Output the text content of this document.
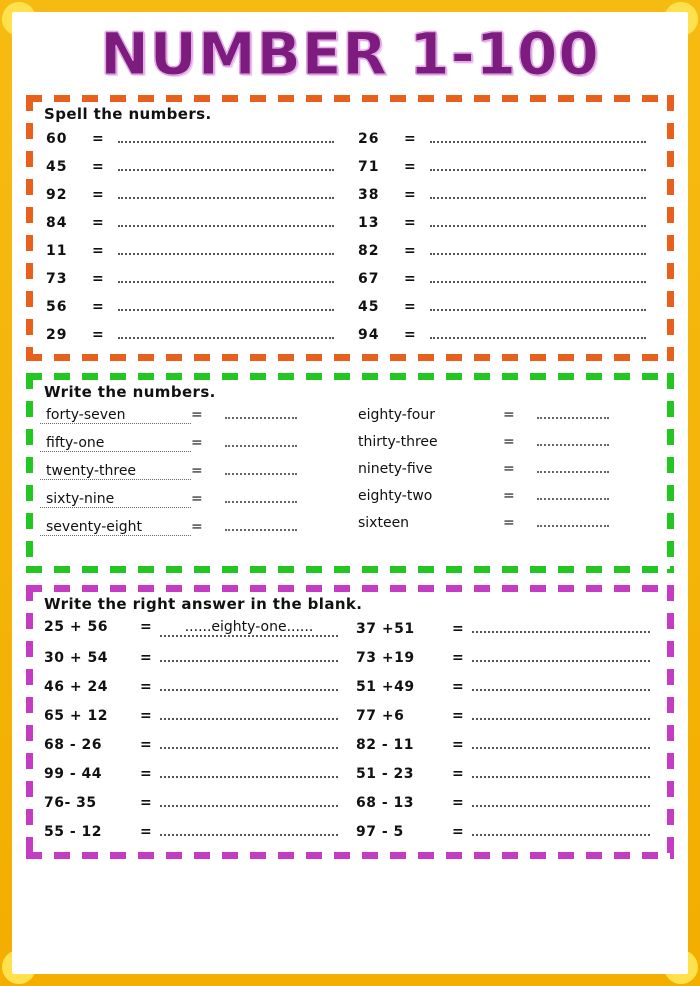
NUMBER 1-100
Spell the numbers.
60	=
45	=
92	=
84	=
11	=
73	=
56	=
29	=
26	=
71	=
38	=
13	=
82	=
67	=
45	=
94	=
Write the numbers.
forty-seven	=
fifty-one	=
twenty-three	=
sixty-nine	=
seventy-eight	=
eighty-four	=
thirty-three	=
ninety-five	=
eighty-two	=
sixteen	=
Write the right answer in the blank.
25 + 56	=	......eighty-one......
30 + 54	=
46 + 24	=
65 + 12	=
68 - 26	=
99 - 44	=
76- 35	=
55 - 12	=
37 +51	=
73 +19	=
51 +49	=
77 +6	=
82 - 11	=
51 - 23	=
68 - 13	=
97 - 5	=
